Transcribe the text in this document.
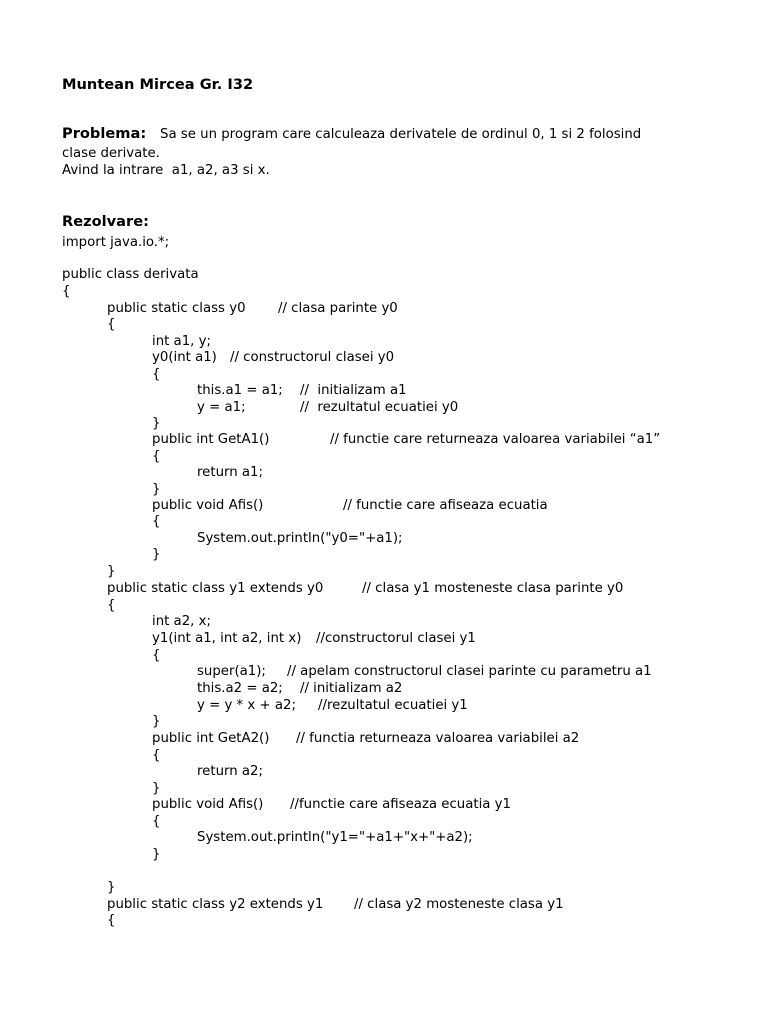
Muntean Mircea Gr. I32
Problema: Sa se un program care calculeaza derivatele de ordinul 0, 1 si 2 folosind
clase derivate.
Avind la intrare  a1, a2, a3 si x.
Rezolvare:
import java.io.*;
public class derivata
{
public static class y0 // clasa parinte y0
{
int a1, y;
y0(int a1) // constructorul clasei y0
{
this.a1 = a1; //  initializam a1
y = a1;	//  rezultatul ecuatiei y0
}
public int GetA1()	// functie care returneaza valoarea variabilei “a1”
{
return a1;
}
public void Afis()	// functie care afiseaza ecuatia
{
System.out.println("y0="+a1);
}
}
public static class y1 extends y0	// clasa y1 mosteneste clasa parinte y0
{
int a2, x;
y1(int a1, int a2, int x) //constructorul clasei y1
{
super(a1); // apelam constructorul clasei parinte cu parametru a1
this.a2 = a2; // initializam a2
y = y * x + a2; //rezultatul ecuatiei y1
}
public int GetA2() // functia returneaza valoarea variabilei a2
{
return a2;
}
public void Afis() //functie care afiseaza ecuatia y1
{
System.out.println("y1="+a1+"x+"+a2);
}
}
public static class y2 extends y1 // clasa y2 mosteneste clasa y1
{
